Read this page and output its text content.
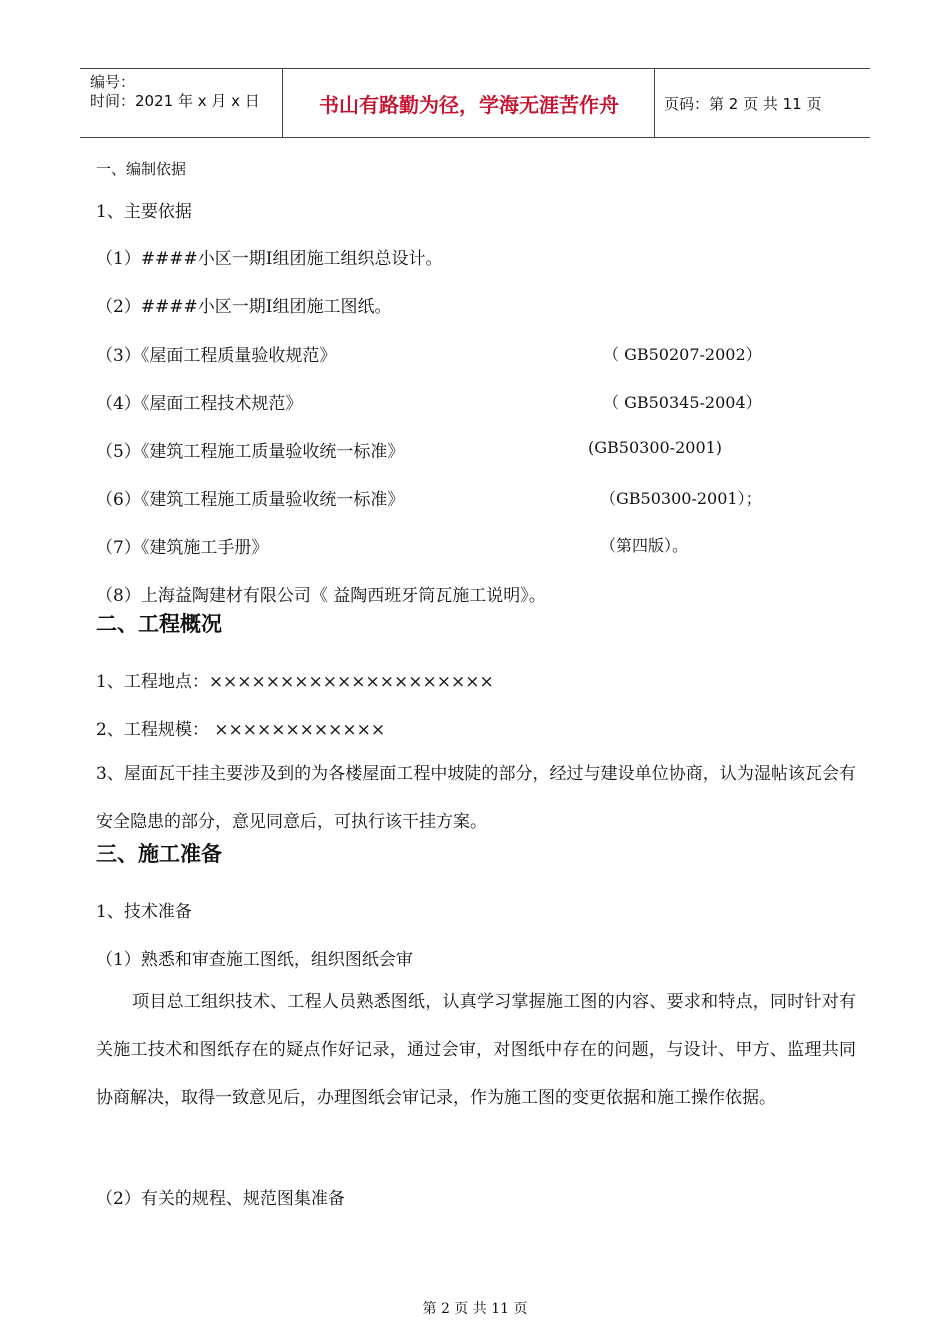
编号：
时间：2021 年 x 月 x 日	书山有路勤为径，学海无涯苦作舟	页码：第 2 页 共 11 页
一、编制依据
1、主要依据
（1）####小区一期Ⅰ组团施工组织总设计。
（2）####小区一期Ⅰ组团施工图纸。
（3）《屋面工程质量验收规范》	（ GB50207-2002）
（4）《屋面工程技术规范》	（ GB50345-2004）
（5）《建筑工程施工质量验收统一标准》	(GB50300-2001)
（6）《建筑工程施工质量验收统一标准》	（GB50300-2001）；
（7）《建筑施工手册》	（第四版）。
（8）上海益陶建材有限公司《 益陶西班牙筒瓦施工说明》。
二、工程概况
1、工程地点：××××××××××××××××××××
2、工程规模： ××××××××××××
3、屋面瓦干挂主要涉及到的为各楼屋面工程中坡陡的部分，经过与建设单位协商，认为湿帖该瓦会有安全隐患的部分，意见同意后，可执行该干挂方案。
三、施工准备
1、技术准备
（1）熟悉和审查施工图纸，组织图纸会审
项目总工组织技术、工程人员熟悉图纸，认真学习掌握施工图的内容、要求和特点，同时针对有关施工技术和图纸存在的疑点作好记录，通过会审，对图纸中存在的问题，与设计、甲方、监理共同协商解决，取得一致意见后，办理图纸会审记录，作为施工图的变更依据和施工操作依据。
（2）有关的规程、规范图集准备
第 2 页 共 11 页
